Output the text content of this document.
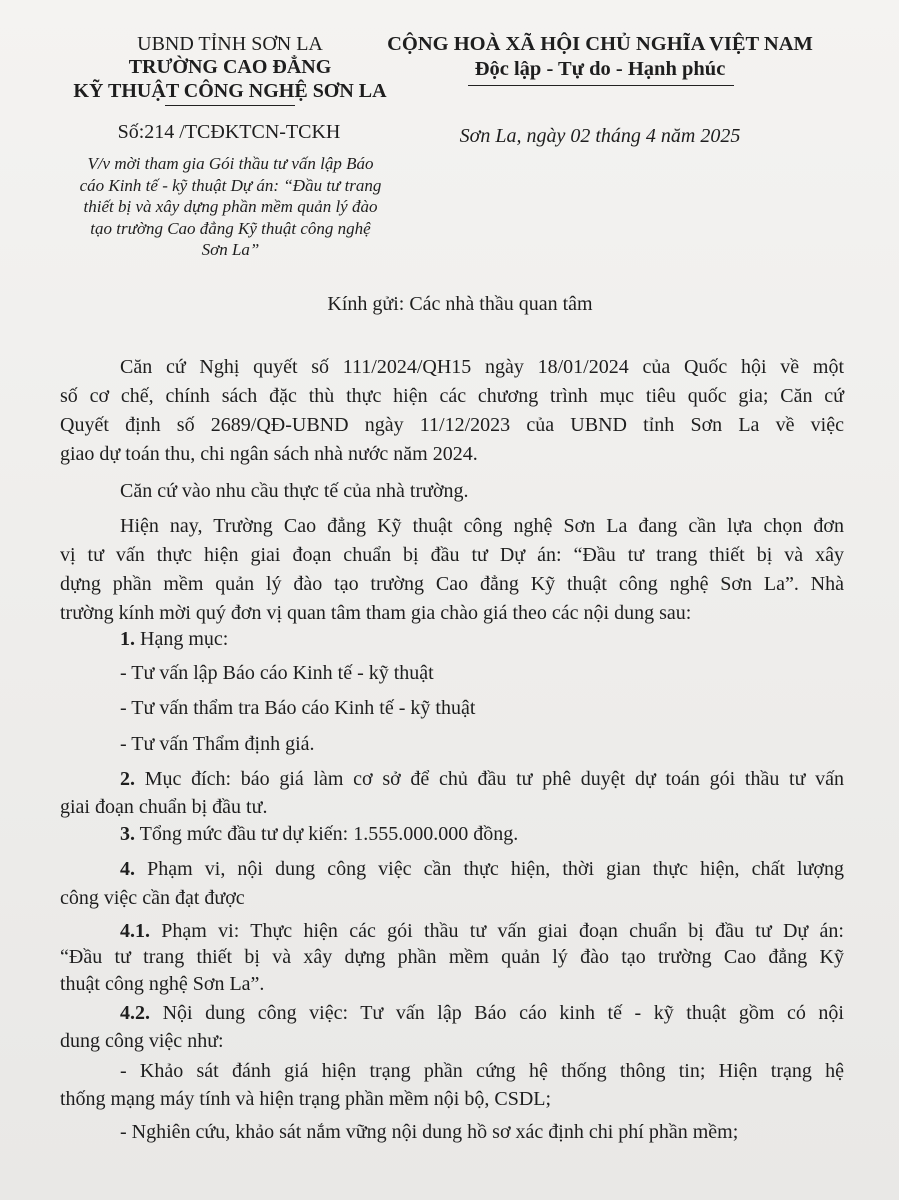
UBND TỈNH SƠN LA
TRƯỜNG CAO ĐẲNG
KỸ THUẬT CÔNG NGHỆ SƠN LA
Số:214 /TCĐKTCN-TCKH
V/v mời tham gia Gói thầu tư vấn lập Báo
cáo Kinh tế - kỹ thuật Dự án: “Đầu tư trang
thiết bị và xây dựng phần mềm quản lý đào
tạo trường Cao đẳng Kỹ thuật công nghệ
Sơn La”
CỘNG HOÀ XÃ HỘI CHỦ NGHĨA VIỆT NAM
Độc lập - Tự do - Hạnh phúc
Sơn La, ngày 02 tháng 4 năm 2025
Kính gửi: Các nhà thầu quan tâm
Căn cứ Nghị quyết số 111/2024/QH15 ngày 18/01/2024 của Quốc hội về một
số cơ chế, chính sách đặc thù thực hiện các chương trình mục tiêu quốc gia; Căn cứ
Quyết định số 2689/QĐ-UBND ngày 11/12/2023 của UBND tỉnh Sơn La về việc
giao dự toán thu, chi ngân sách nhà nước năm 2024.
Căn cứ vào nhu cầu thực tế của nhà trường.
Hiện nay, Trường Cao đẳng Kỹ thuật công nghệ Sơn La đang cần lựa chọn đơn
vị tư vấn thực hiện giai đoạn chuẩn bị đầu tư Dự án: “Đầu tư trang thiết bị và xây
dựng phần mềm quản lý đào tạo trường Cao đẳng Kỹ thuật công nghệ Sơn La”. Nhà
trường kính mời quý đơn vị quan tâm tham gia chào giá theo các nội dung sau:
1. Hạng mục:
- Tư vấn lập Báo cáo Kinh tế - kỹ thuật
- Tư vấn thẩm tra Báo cáo Kinh tế - kỹ thuật
- Tư vấn Thẩm định giá.
2. Mục đích: báo giá làm cơ sở để chủ đầu tư phê duyệt dự toán gói thầu tư vấn
giai đoạn chuẩn bị đầu tư.
3. Tổng mức đầu tư dự kiến: 1.555.000.000 đồng.
4. Phạm vi, nội dung công việc cần thực hiện, thời gian thực hiện, chất lượng
công việc cần đạt được
4.1. Phạm vi: Thực hiện các gói thầu tư vấn giai đoạn chuẩn bị đầu tư Dự án:
“Đầu tư trang thiết bị và xây dựng phần mềm quản lý đào tạo trường Cao đẳng Kỹ
thuật công nghệ Sơn La”.
4.2. Nội dung công việc: Tư vấn lập Báo cáo kinh tế - kỹ thuật gồm có nội
dung công việc như:
- Khảo sát đánh giá hiện trạng phần cứng hệ thống thông tin; Hiện trạng hệ
thống mạng máy tính và hiện trạng phần mềm nội bộ, CSDL;
- Nghiên cứu, khảo sát nắm vững nội dung hồ sơ xác định chi phí phần mềm;
